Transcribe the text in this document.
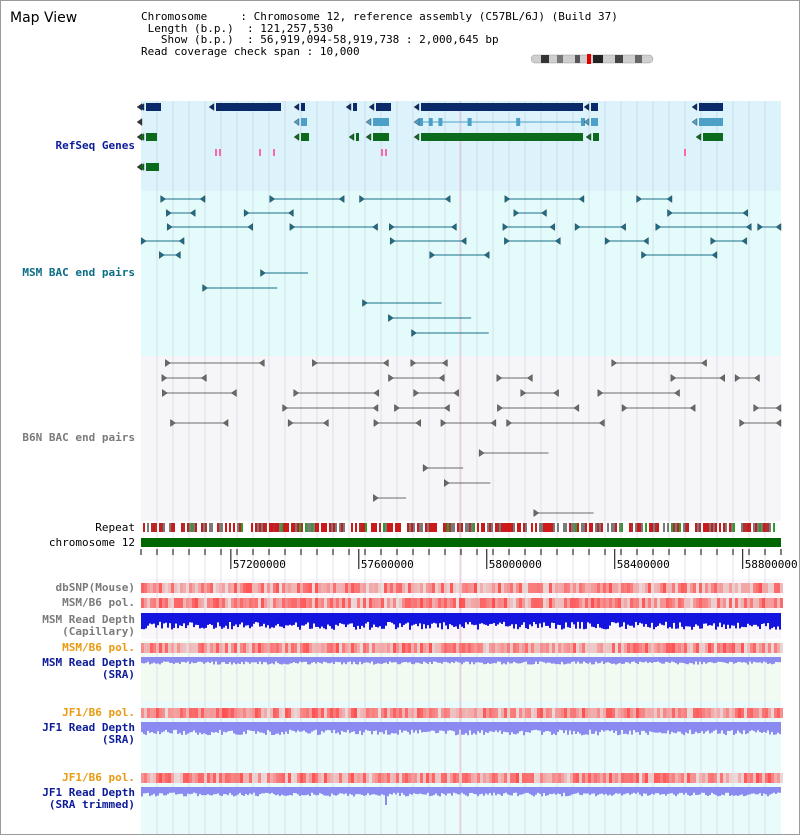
Map View	Chromosome     : Chromosome 12, reference assembly (C57BL/6J) (Build 37)
Length (b.p.)  : 121,257,530
Show (b.p.)  : 56,919,094-58,919,738 : 2,000,645 bp
Read coverage check span : 10,000
57200000	57600000	58000000	58400000	58800000
RefSeq Genes
MSM BAC end pairs
B6N BAC end pairs
Repeat
chromosome 12
dbSNP(Mouse)
MSM/B6 pol.
MSM Read Depth
(Capillary)
MSM/B6 pol.
MSM Read Depth
(SRA)
JF1/B6 pol.
JF1 Read Depth
(SRA)
JF1/B6 pol.
JF1 Read Depth
(SRA trimmed)
